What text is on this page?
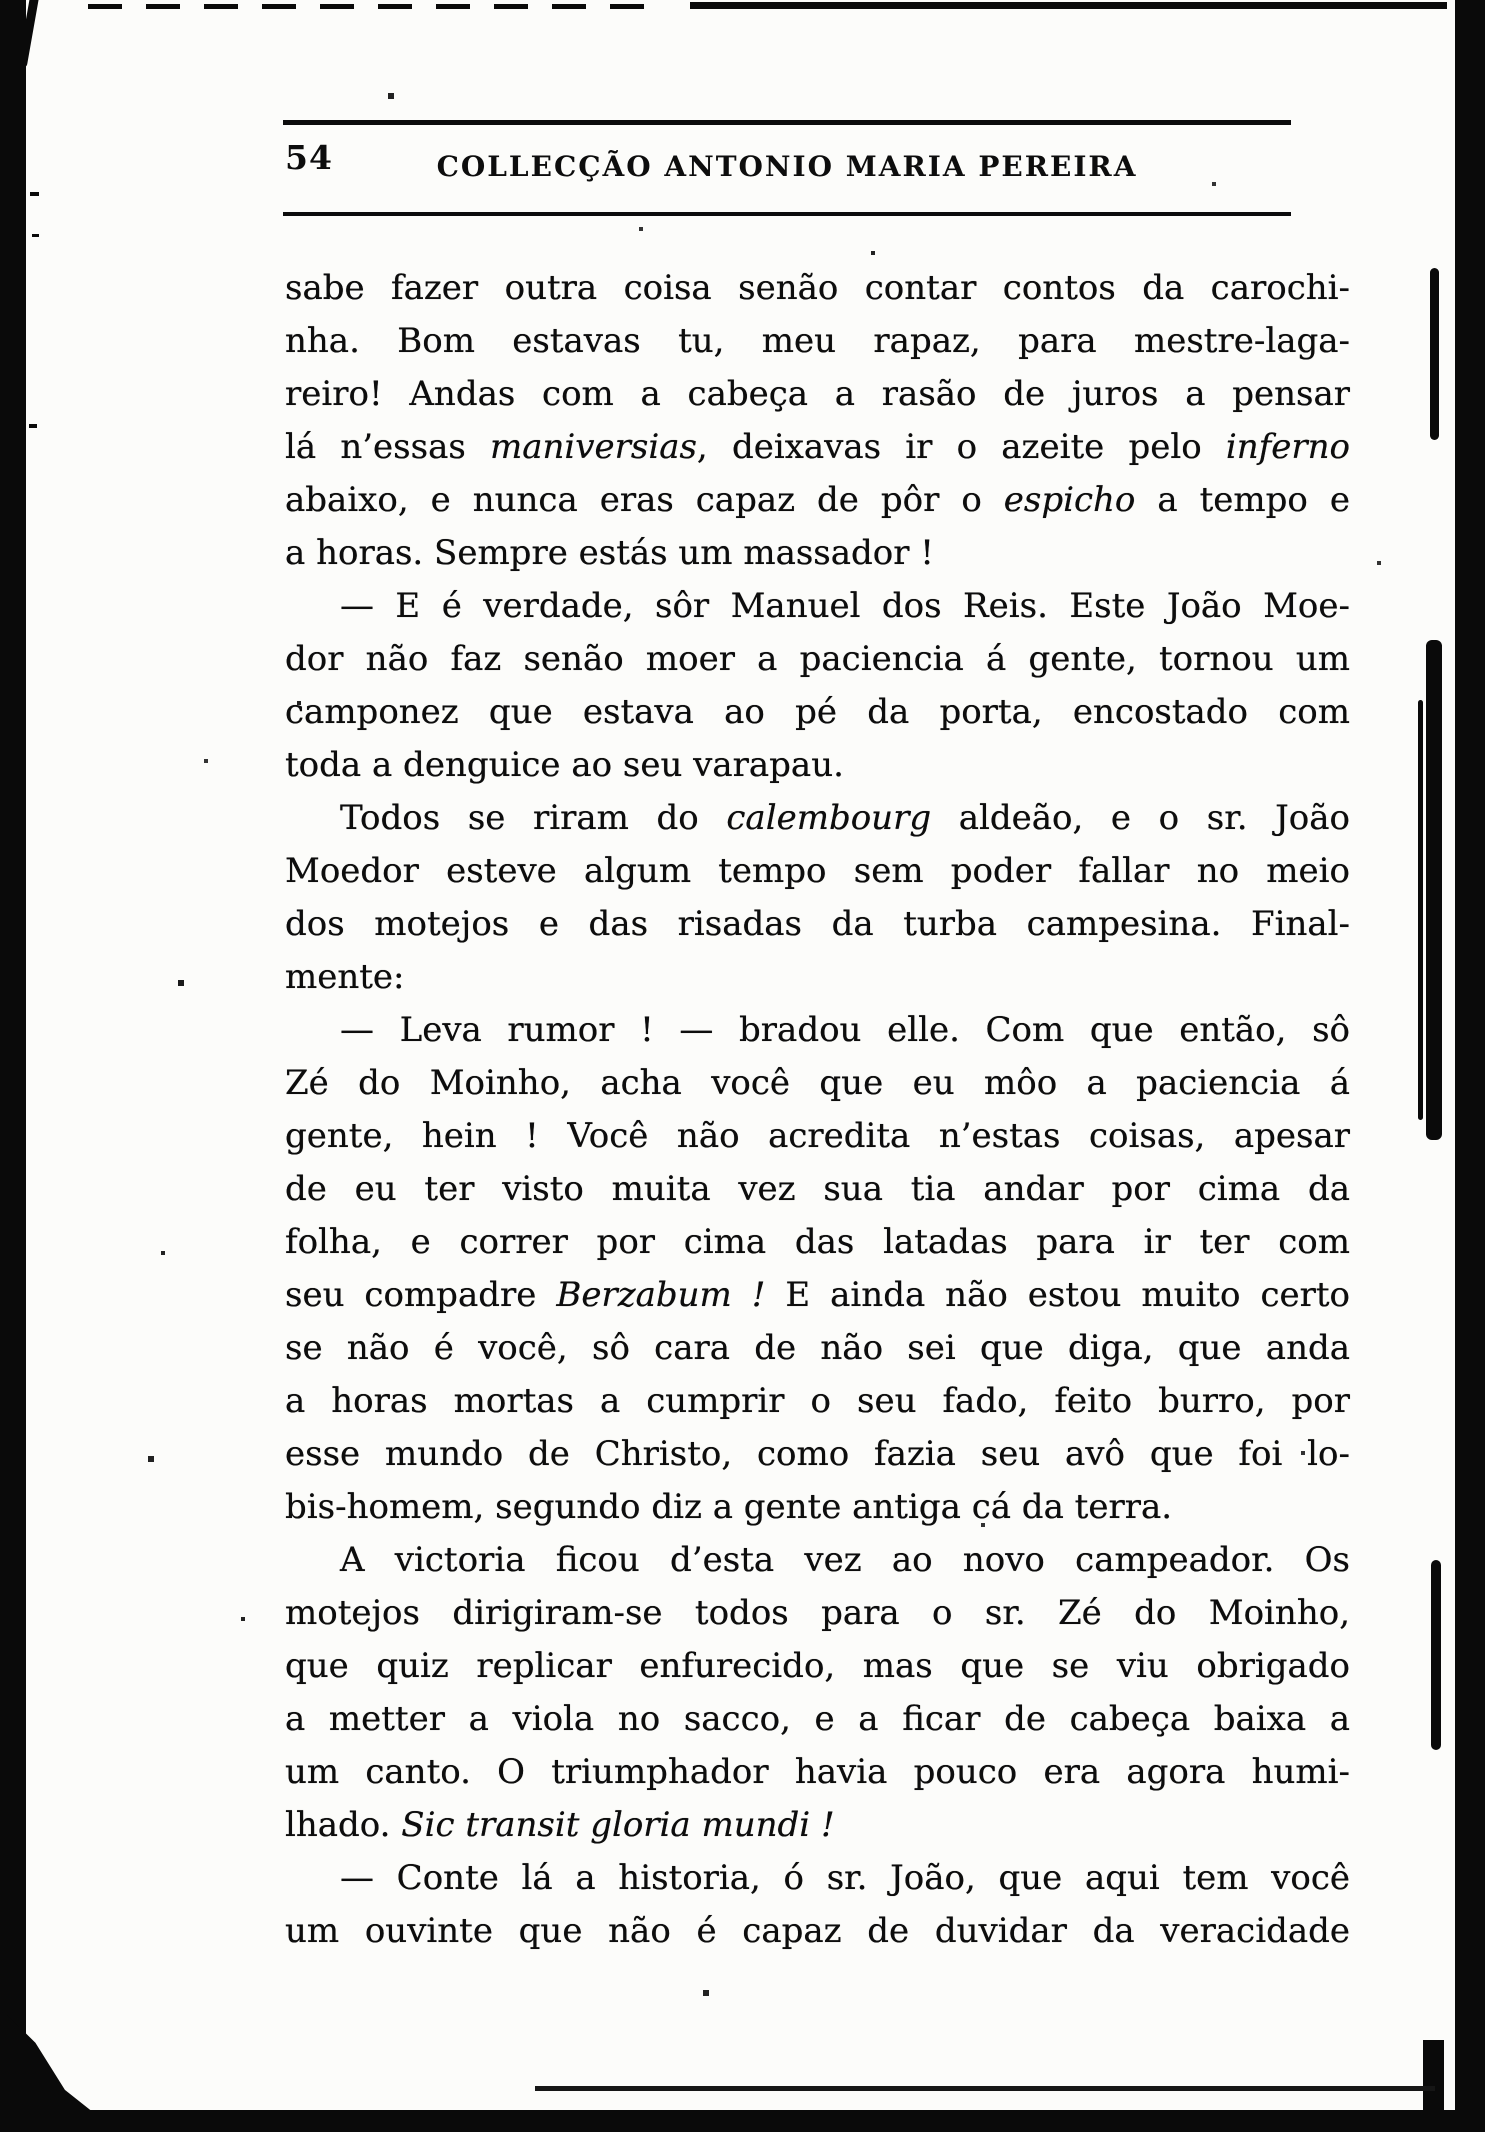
54	COLLECÇÃO ANTONIO MARIA PEREIRA
sabe fazer outra coisa senão contar contos da carochi-
nha. Bom estavas tu, meu rapaz, para mestre-laga-
reiro! Andas com a cabeça a rasão de juros a pensar
lá n’essas maniversias, deixavas ir o azeite pelo inferno
abaixo, e nunca eras capaz de pôr o espicho a tempo e
a horas. Sempre estás um massador !
— E é verdade, sôr Manuel dos Reis. Este João Moe-
dor não faz senão moer a paciencia á gente, tornou um
camponez que estava ao pé da porta, encostado com
toda a denguice ao seu varapau.
Todos se riram do calembourg aldeão, e o sr. João
Moedor esteve algum tempo sem poder fallar no meio
dos motejos e das risadas da turba campesina. Final-
mente:
— Leva rumor ! — bradou elle. Com que então, sô
Zé do Moinho, acha você que eu môo a paciencia á
gente, hein ! Você não acredita n’estas coisas, apesar
de eu ter visto muita vez sua tia andar por cima da
folha, e correr por cima das latadas para ir ter com
seu compadre Berzabum ! E ainda não estou muito certo
se não é você, sô cara de não sei que diga, que anda
a horas mortas a cumprir o seu fado, feito burro, por
esse mundo de Christo, como fazia seu avô que foi lo-
bis-homem, segundo diz a gente antiga cá da terra.
A victoria ficou d’esta vez ao novo campeador. Os
motejos dirigiram-se todos para o sr. Zé do Moinho,
que quiz replicar enfurecido, mas que se viu obrigado
a metter a viola no sacco, e a ficar de cabeça baixa a
um canto. O triumphador havia pouco era agora humi-
lhado. Sic transit gloria mundi !
— Conte lá a historia, ó sr. João, que aqui tem você
um ouvinte que não é capaz de duvidar da veracidade
